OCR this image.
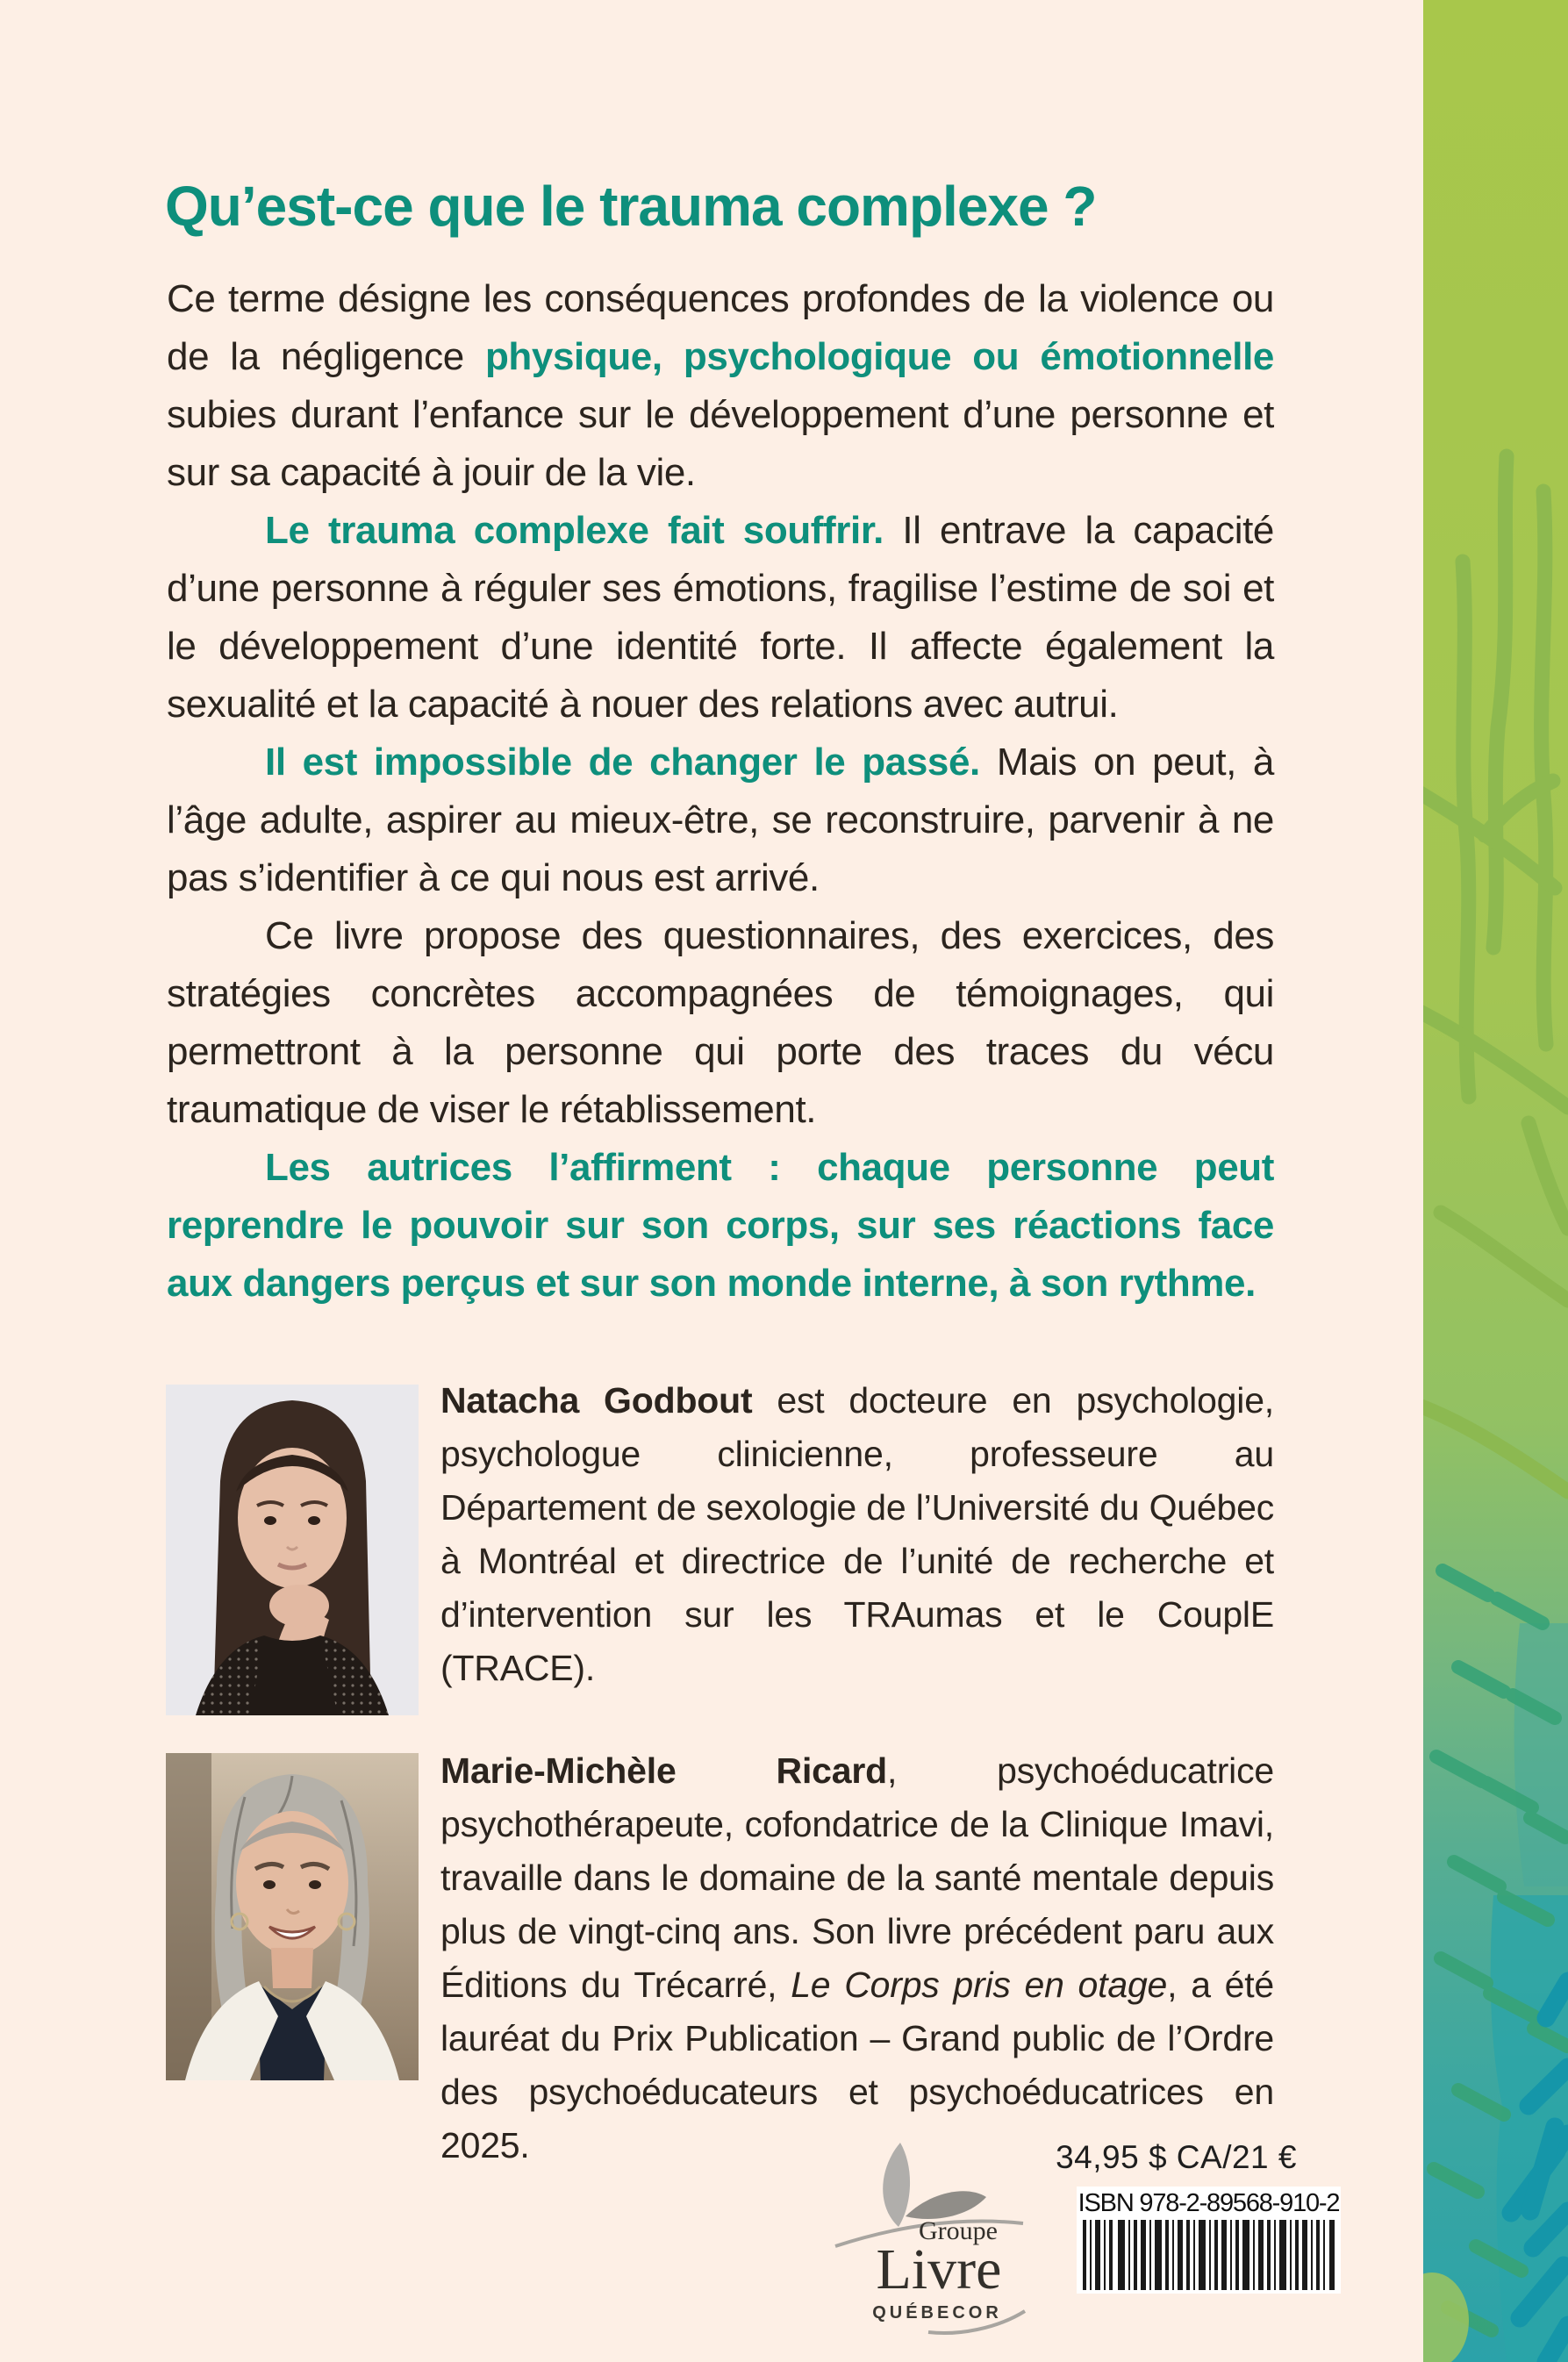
Qu’est-ce que le trauma complexe ?

Ce terme désigne les conséquences profondes de la violence ou de la négligence physique, psychologique ou émotionnelle subies durant l’enfance sur le développement d’une personne et sur sa capacité à jouir de la vie.

Le trauma complexe fait souffrir. Il entrave la capacité d’une personne à réguler ses émotions, fragilise l’estime de soi et le développement d’une identité forte. Il affecte également la sexualité et la capacité à nouer des relations avec autrui.

Il est impossible de changer le passé. Mais on peut, à l’âge adulte, aspirer au mieux-être, se reconstruire, parvenir à ne pas s’identifier à ce qui nous est arrivé.

Ce livre propose des questionnaires, des exercices, des stratégies concrètes accompagnées de témoignages, qui permettront à la personne qui porte des traces du vécu traumatique de viser le rétablissement.

Les autrices l’affirment : chaque personne peut reprendre le pouvoir sur son corps, sur ses réactions face aux dangers perçus et sur son monde interne, à son rythme.

Natacha Godbout est docteure en psychologie, psychologue clinicienne, professeure au Département de sexologie de l’Université du Québec à Montréal et directrice de l’unité de recherche et d’intervention sur les TRAumas et le CouplE (TRACE).
Marie-Michèle Ricard, psychoéducatrice psychothérapeute, cofondatrice de la Clinique Imavi, travaille dans le domaine de la santé mentale depuis plus de vingt-cinq ans. Son livre précédent paru aux Éditions du Trécarré, Le Corps pris en otage, a été lauréat du Prix Publication – Grand public de l’Ordre des psychoéducateurs et psychoéducatrices en 2025.
Groupe
Livre
QUÉBECOR
34,95 $ CA/21 €
ISBN 978-2-89568-910-2
